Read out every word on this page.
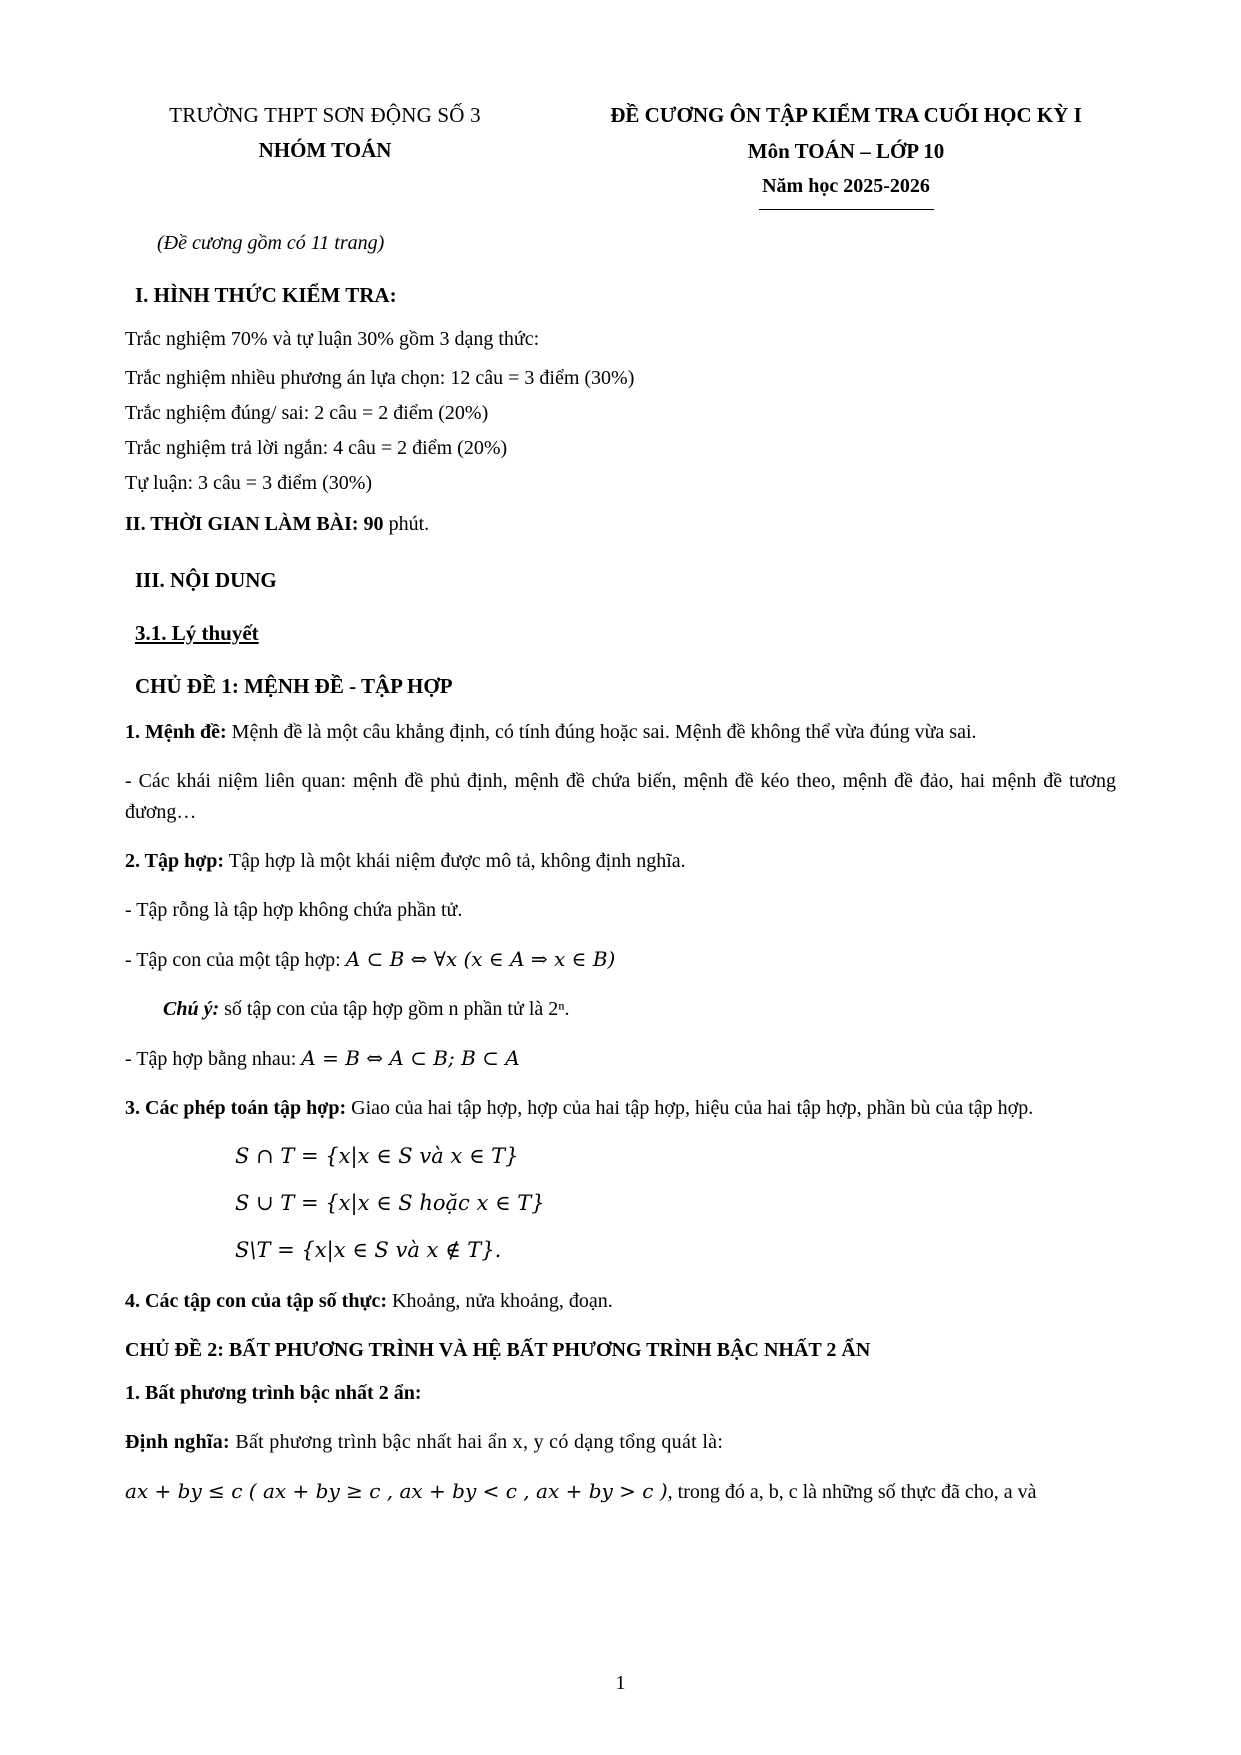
TRƯỜNG THPT SƠN ĐỘNG SỐ 3
NHÓM TOÁN
ĐỀ CƯƠNG ÔN TẬP KIỂM TRA CUỐI HỌC KỲ I
Môn TOÁN – LỚP 10
Năm học 2025-2026
(Đề cương gồm có 11 trang)
I. HÌNH THỨC KIỂM TRA:

Trắc nghiệm 70% và tự luận 30% gồm 3 dạng thức:

Trắc nghiệm nhiều phương án lựa chọn: 12 câu = 3 điểm (30%)

Trắc nghiệm đúng/ sai: 2 câu = 2 điểm (20%)

Trắc nghiệm trả lời ngắn: 4 câu = 2 điểm (20%)

Tự luận: 3 câu = 3 điểm (30%)

II. THỜI GIAN LÀM BÀI: 90 phút.

III. NỘI DUNG
3.1. Lý thuyết
CHỦ ĐỀ 1: MỆNH ĐỀ - TẬP HỢP

1. Mệnh đề: Mệnh đề là một câu khẳng định, có tính đúng hoặc sai. Mệnh đề không thể vừa đúng vừa sai.

- Các khái niệm liên quan: mệnh đề phủ định, mệnh đề chứa biến, mệnh đề kéo theo, mệnh đề đảo, hai mệnh đề tương đương…

2. Tập hợp: Tập hợp là một khái niệm được mô tả, không định nghĩa.

- Tập rỗng là tập hợp không chứa phần tử.

- Tập con của một tập hợp: A ⊂ B ⇔ ∀x (x ∈ A ⇒ x ∈ B)

Chú ý: số tập con của tập hợp gồm n phần tử là 2ⁿ.

- Tập hợp bằng nhau: A = B ⇔ A ⊂ B; B ⊂ A

3. Các phép toán tập hợp: Giao của hai tập hợp, hợp của hai tập hợp, hiệu của hai tập hợp, phần bù của tập hợp.

S ∩ T = {x|x ∈ S và x ∈ T}
S ∪ T = {x|x ∈ S hoặc x ∈ T}
S\T = {x|x ∈ S và x ∉ T}.

4. Các tập con của tập số thực: Khoảng, nửa khoảng, đoạn.

CHỦ ĐỀ 2: BẤT PHƯƠNG TRÌNH VÀ HỆ BẤT PHƯƠNG TRÌNH BẬC NHẤT 2 ẨN

1. Bất phương trình bậc nhất 2 ẩn:

Định nghĩa: Bất phương trình bậc nhất hai ẩn x, y có dạng tổng quát là:

ax + by ≤ c ( ax + by ≥ c , ax + by < c , ax + by > c ), trong đó a, b, c là những số thực đã cho, a và

1
